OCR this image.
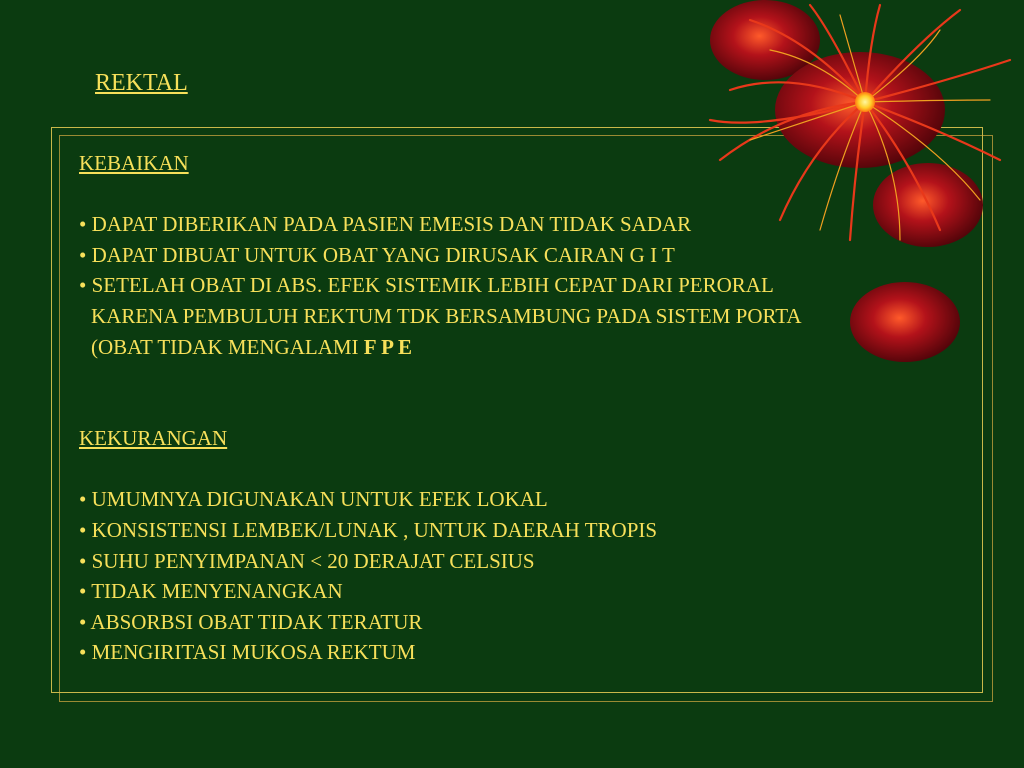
REKTAL
KEBAIKAN
• DAPAT DIBERIKAN PADA PASIEN EMESIS DAN TIDAK SADAR
• DAPAT DIBUAT UNTUK OBAT YANG DIRUSAK CAIRAN G I T
• SETELAH OBAT DI ABS. EFEK SISTEMIK LEBIH CEPAT DARI PERORAL
KARENA PEMBULUH REKTUM TDK BERSAMBUNG PADA SISTEM PORTA
(OBAT TIDAK MENGALAMI F P E
KEKURANGAN
• UMUMNYA DIGUNAKAN UNTUK EFEK LOKAL
• KONSISTENSI LEMBEK/LUNAK , UNTUK DAERAH TROPIS
• SUHU PENYIMPANAN < 20 DERAJAT CELSIUS
• TIDAK MENYENANGKAN
• ABSORBSI OBAT TIDAK TERATUR
• MENGIRITASI MUKOSA REKTUM
